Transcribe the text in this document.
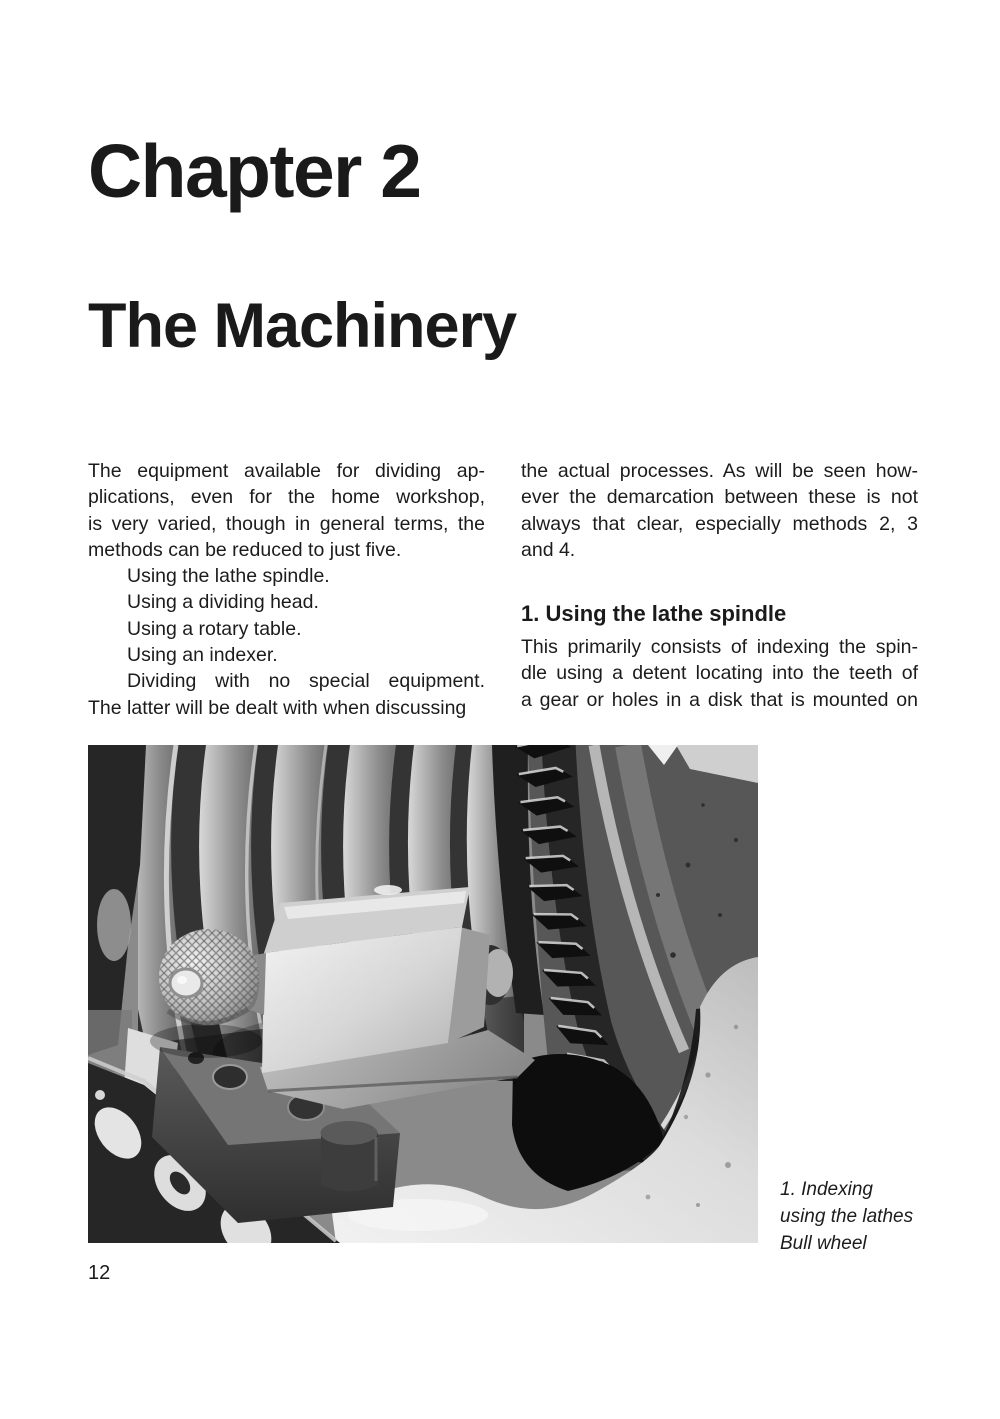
Chapter 2
The Machinery
The equipment available for dividing ap-
plications, even for the home workshop,
is very varied, though in general terms, the
methods can be reduced to just five.
Using the lathe spindle.
Using a dividing head.
Using a rotary table.
Using an indexer.
Dividing with no special equipment.
The latter will be dealt with when discussing
the actual processes. As will be seen how-
ever the demarcation between these is not
always that clear, especially methods 2, 3
and 4.
1. Using the lathe spindle
This primarily consists of indexing the spin-
dle using a detent locating into the teeth of
a gear or holes in a disk that is mounted on
1. Indexing
using the lathes
Bull wheel
12
